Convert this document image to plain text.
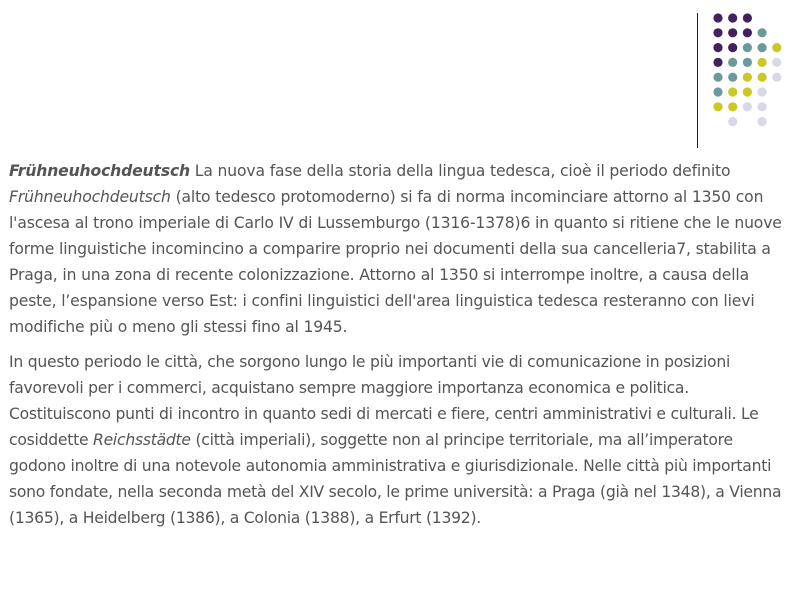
Frühneuhochdeutsch La nuova fase della storia della lingua tedesca, cioè il periodo definito Frühneuhochdeutsch (alto tedesco protomoderno) si fa di norma incominciare attorno al 1350 con l'ascesa al trono imperiale di Carlo IV di Lussemburgo (1316-1378)6 in quanto si ritiene che le nuove forme linguistiche incomincino a comparire proprio nei documenti della sua cancelleria7, stabilita a Praga, in una zona di recente colonizzazione. Attorno al 1350 si interrompe inoltre, a causa della peste, l’espansione verso Est: i confini linguistici dell'area linguistica tedesca resteranno con lievi modifiche più o meno gli stessi fino al 1945.

In questo periodo le città, che sorgono lungo le più importanti vie di comunicazione in posizioni favorevoli per i commerci, acquistano sempre maggiore importanza economica e politica. Costituiscono punti di incontro in quanto sedi di mercati e fiere, centri amministrativi e culturali. Le cosiddette Reichsstädte (città imperiali), soggette non al principe territoriale, ma all’imperatore godono inoltre di una notevole autonomia amministrativa e giurisdizionale. Nelle città più importanti sono fondate, nella seconda metà del XIV secolo, le prime università: a Praga (già nel 1348), a Vienna (1365), a Heidelberg (1386), a Colonia (1388), a Erfurt (1392).
